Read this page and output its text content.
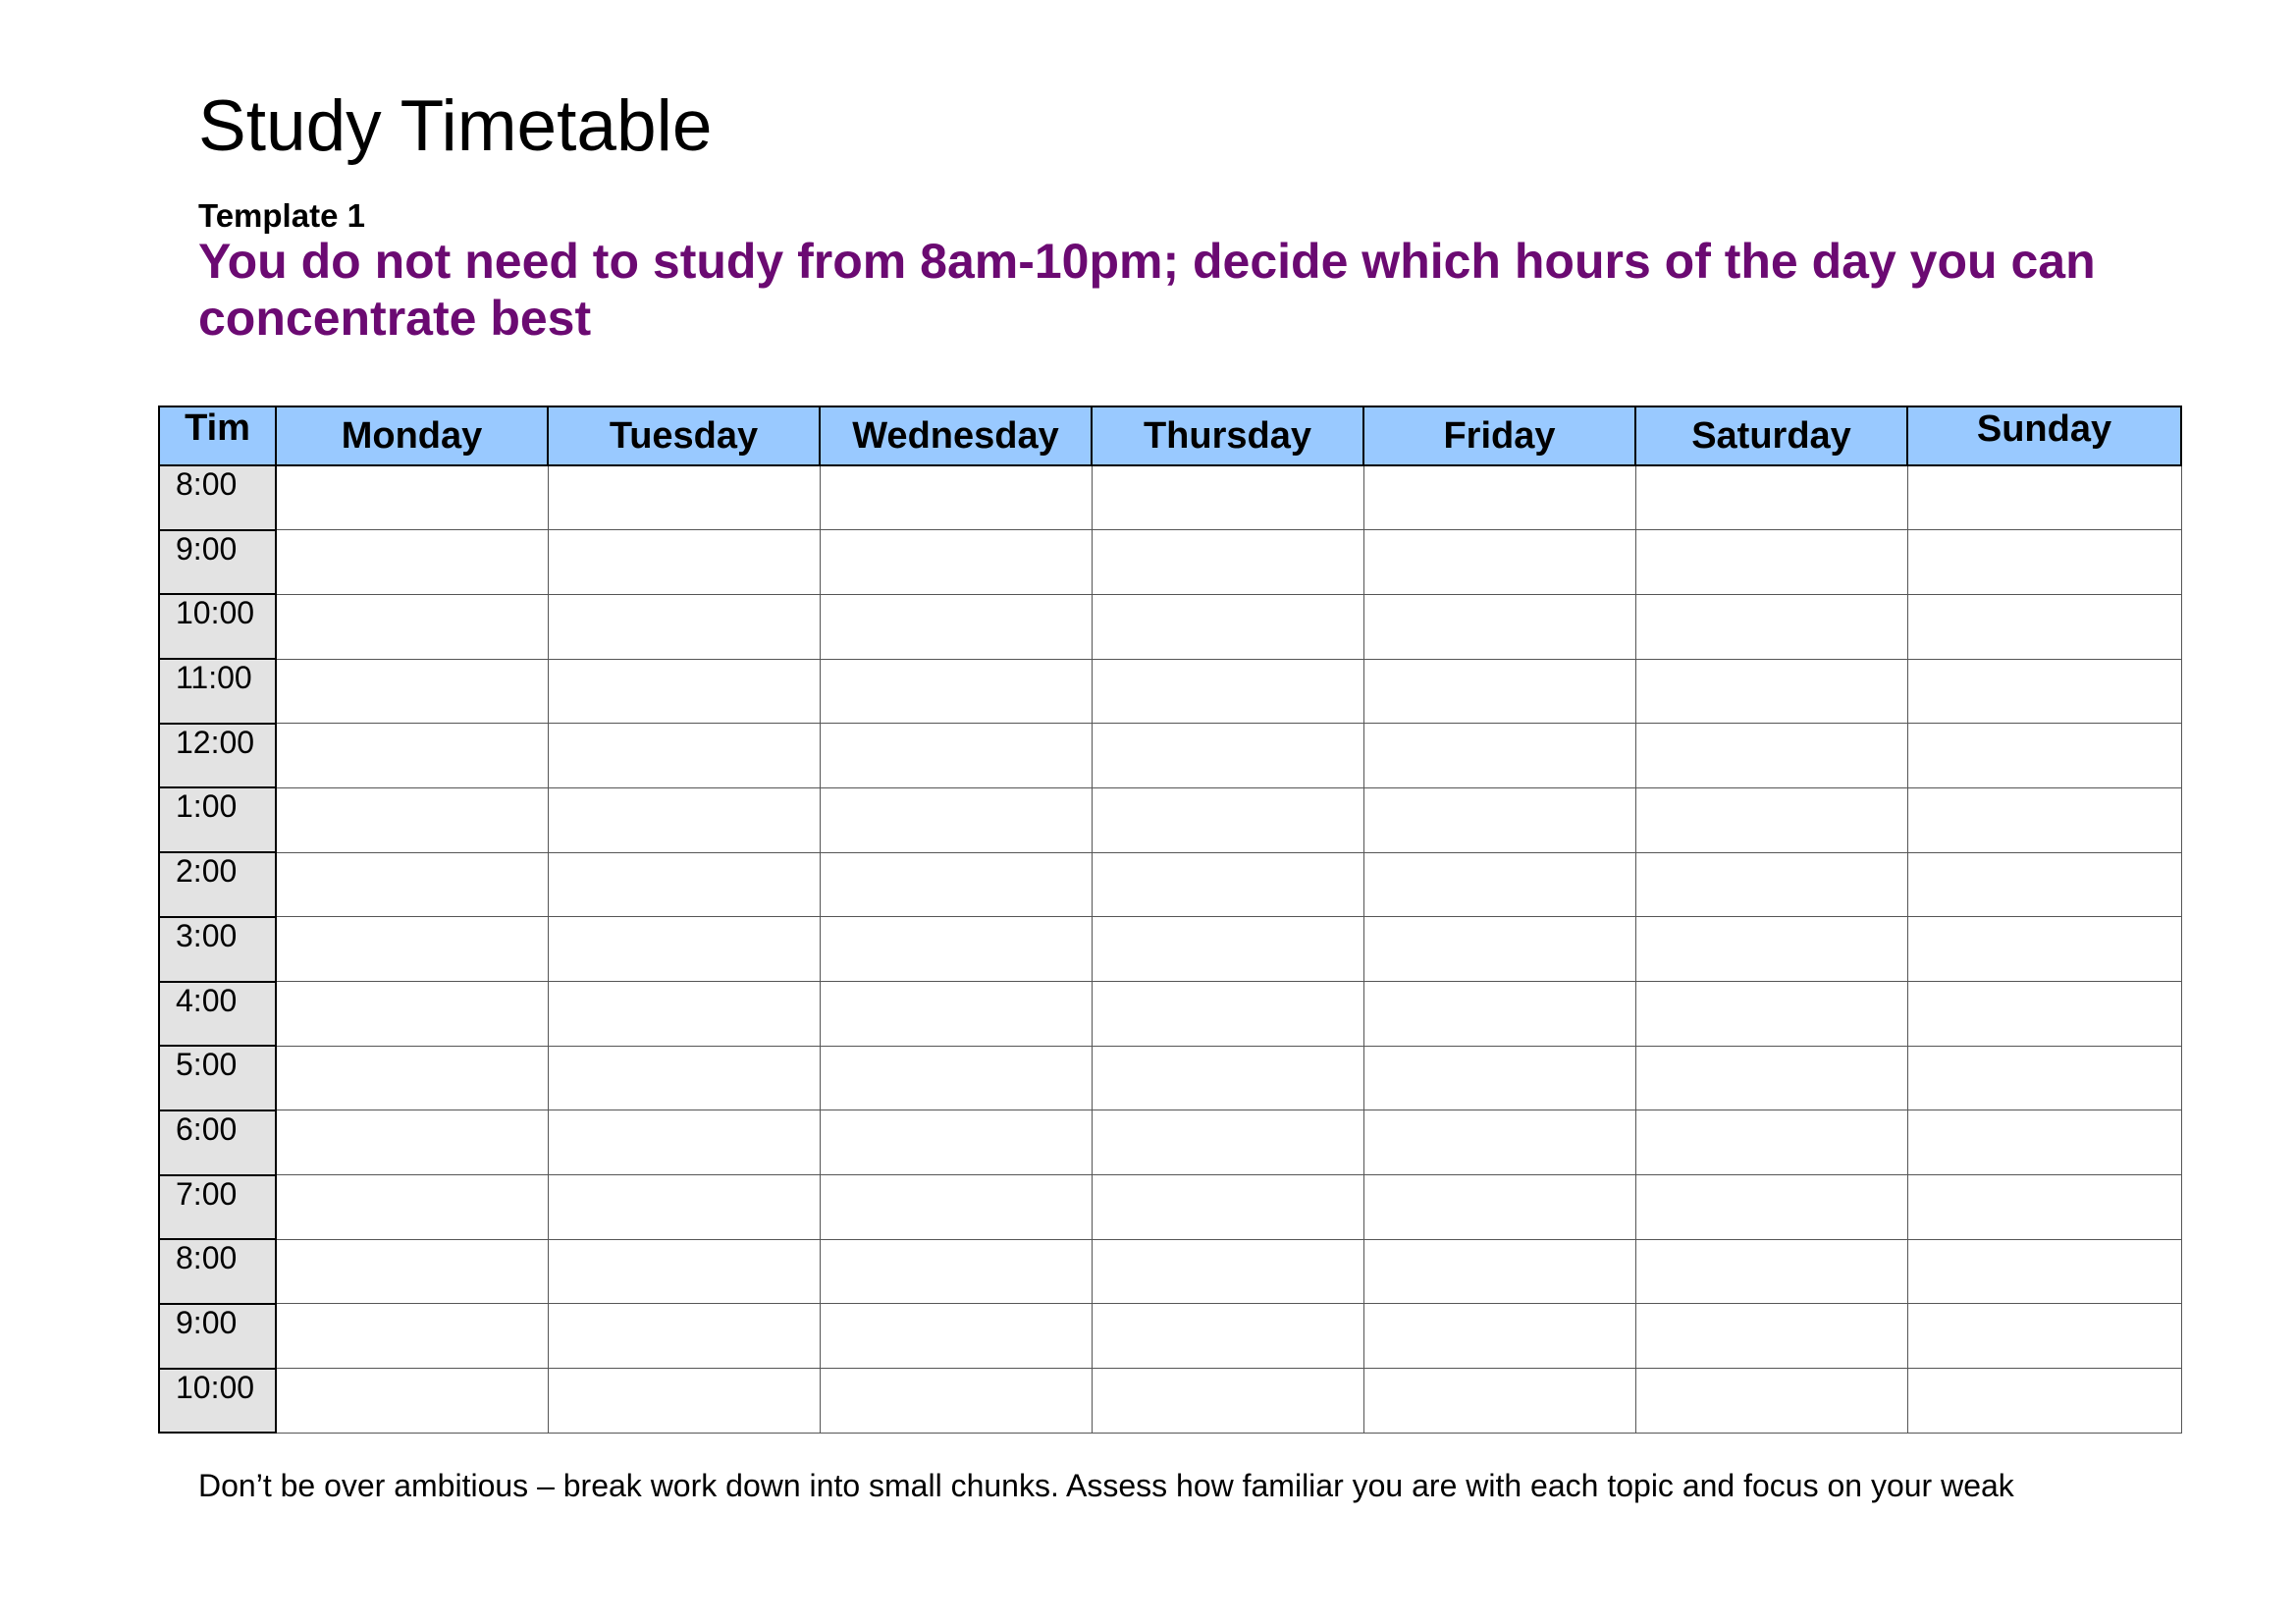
Study Timetable
Template 1
You do not need to study from 8am-10pm; decide which hours of the day you can concentrate best
Tim	Monday	Tuesday	Wednesday	Thursday	Friday	Saturday	Sunday
8:00							
9:00							
10:00							
11:00							
12:00							
1:00							
2:00							
3:00							
4:00							
5:00							
6:00							
7:00							
8:00							
9:00							
10:00							
Don’t be over ambitious – break work down into small chunks. Assess how familiar you are with each topic and focus on your weak
